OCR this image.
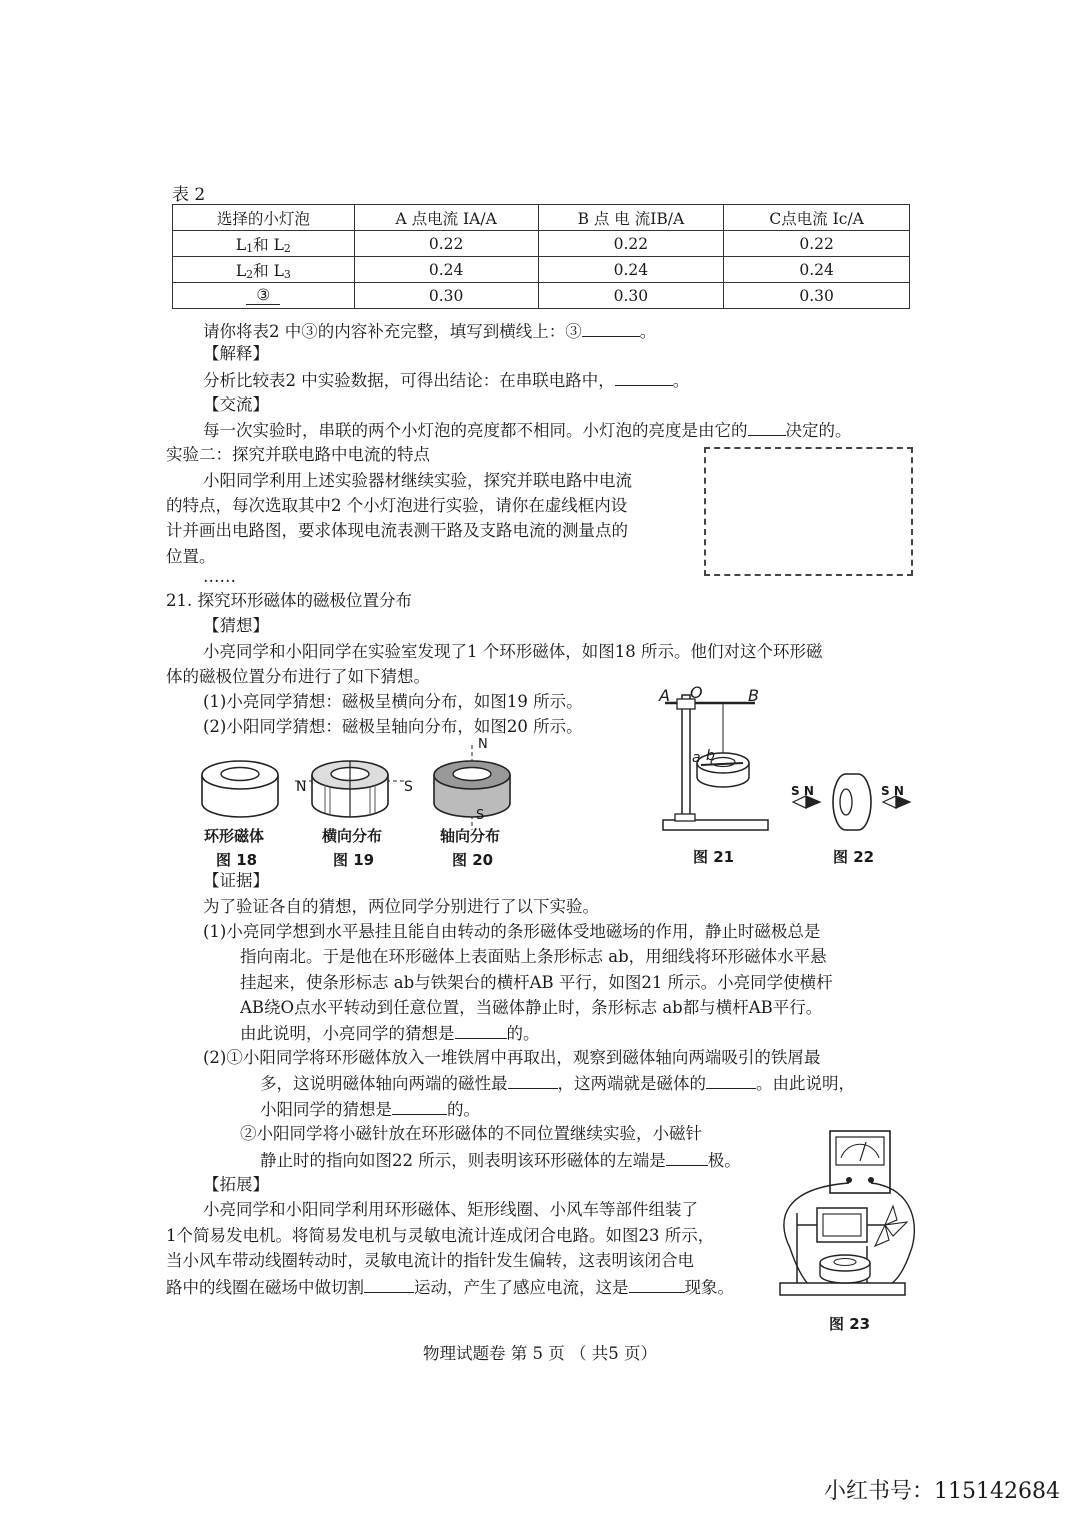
表 2
选择的小灯泡	A 点电流 IA/A	B 点 电 流IB/A	C点电流 Ic/A
L1和 L2	0.22	0.22	0.22
L2和 L3	0.24	0.24	0.24
③	0.30	0.30	0.30
请你将表2 中③的内容补充完整，填写到横线上：③	。
【解释】
分析比较表2 中实验数据，可得出结论：在串联电路中，	。
【交流】
每一次实验时，串联的两个小灯泡的亮度都不相同。小灯泡的亮度是由它的 决定的。
实验二：探究并联电路中电流的特点
小阳同学利用上述实验器材继续实验，探究并联电路中电流
的特点，每次选取其中2 个小灯泡进行实验，请你在虚线框内设
计并画出电路图，要求体现电流表测干路及支路电流的测量点的
位置。
……
21. 探究环形磁体的磁极位置分布
【猜想】
小亮同学和小阳同学在实验室发现了1 个环形磁体，如图18 所示。他们对这个环形磁
体的磁极位置分布进行了如下猜想。
(1)小亮同学猜想：磁极呈横向分布，如图19 所示。
(2)小阳同学猜想：磁极呈轴向分布，如图20 所示。
N	S
N
S
环形磁体
图 18
横向分布
图 19
轴向分布
图 20
A O	B
a b
图 21
S N	S N
图 22
【证据】
为了验证各自的猜想，两位同学分别进行了以下实验。
(1)小亮同学想到水平悬挂且能自由转动的条形磁体受地磁场的作用，静止时磁极总是
指向南北。于是他在环形磁体上表面贴上条形标志 ab，用细线将环形磁体水平悬
挂起来，使条形标志 ab与铁架台的横杆AB 平行，如图21 所示。小亮同学使横杆
AB绕O点水平转动到任意位置，当磁体静止时，条形标志 ab都与横杆AB平行。
由此说明，小亮同学的猜想是	的。
(2)①小阳同学将环形磁体放入一堆铁屑中再取出，观察到磁体轴向两端吸引的铁屑最
多，这说明磁体轴向两端的磁性最	，这两端就是磁体的	。由此说明，
小阳同学的猜想是	的。
②小阳同学将小磁针放在环形磁体的不同位置继续实验，小磁针
静止时的指向如图22 所示，则表明该环形磁体的左端是	极。
【拓展】
小亮同学和小阳同学利用环形磁体、矩形线圈、小风车等部件组装了
1个简易发电机。将简易发电机与灵敏电流计连成闭合电路。如图23 所示，
当小风车带动线圈转动时，灵敏电流计的指针发生偏转，这表明该闭合电
路中的线圈在磁场中做切割	运动，产生了感应电流，这是	现象。
图 23
物理试题卷 第 5 页 （ 共5 页）
小红书号：115142684
